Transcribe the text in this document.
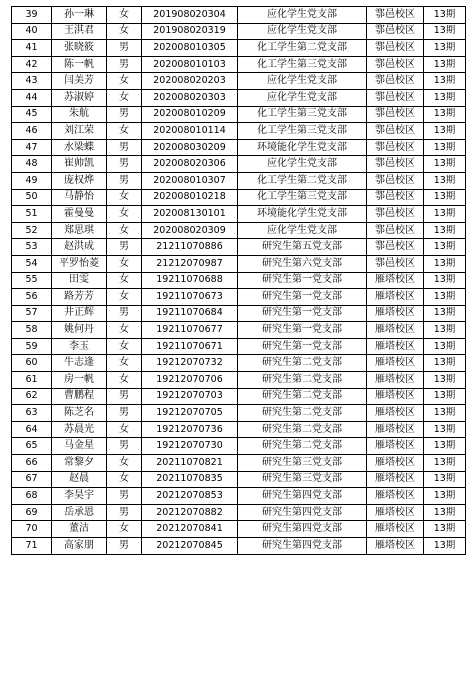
39	孙一琳	女	201908020304	应化学生党支部	鄠邑校区	13期
40	王淇君	女	201908020319	应化学生党支部	鄠邑校区	13期
41	张晓筱	男	202008010305	化工学生第二党支部	鄠邑校区	13期
42	陈一帆	男	202008010103	化工学生第三党支部	鄠邑校区	13期
43	闫美芳	女	202008020203	应化学生党支部	鄠邑校区	13期
44	苏淑婷	女	202008020303	应化学生党支部	鄠邑校区	13期
45	朱航	男	202008010209	化工学生第三党支部	鄠邑校区	13期
46	刘江荣	女	202008010114	化工学生第三党支部	鄠邑校区	13期
47	水梁蝶	男	202008030209	环境能化学生党支部	鄠邑校区	13期
48	崔帅凯	男	202008020306	应化学生党支部	鄠邑校区	13期
49	庞权烨	男	202008010307	化工学生第二党支部	鄠邑校区	13期
50	马静怡	女	202008010218	化工学生第三党支部	鄠邑校区	13期
51	霍曼曼	女	202008130101	环境能化学生党支部	鄠邑校区	13期
52	郑思琪	女	202008020309	应化学生党支部	鄠邑校区	13期
53	赵洪成	男	21211070886	研究生第五党支部	鄠邑校区	13期
54	平罗怡菱	女	21212070987	研究生第六党支部	鄠邑校区	13期
55	田雯	女	19211070688	研究生第一党支部	雁塔校区	13期
56	路芳芳	女	19211070673	研究生第一党支部	雁塔校区	13期
57	井正辉	男	19211070684	研究生第一党支部	雁塔校区	13期
58	姚何丹	女	19211070677	研究生第一党支部	雁塔校区	13期
59	李玉	女	19211070671	研究生第一党支部	雁塔校区	13期
60	牛志逢	女	19212070732	研究生第二党支部	雁塔校区	13期
61	房一帆	女	19212070706	研究生第二党支部	雁塔校区	13期
62	曹鹏程	男	19212070703	研究生第二党支部	雁塔校区	13期
63	陈芝名	男	19212070705	研究生第二党支部	雁塔校区	13期
64	苏晨光	女	19212070736	研究生第二党支部	雁塔校区	13期
65	马金星	男	19212070730	研究生第二党支部	雁塔校区	13期
66	常黎夕	女	20211070821	研究生第三党支部	雁塔校区	13期
67	赵晨	女	20211070835	研究生第三党支部	雁塔校区	13期
68	李昊宇	男	20212070853	研究生第四党支部	雁塔校区	13期
69	岳承恩	男	20212070882	研究生第四党支部	雁塔校区	13期
70	董洁	女	20212070841	研究生第四党支部	雁塔校区	13期
71	高家朋	男	20212070845	研究生第四党支部	雁塔校区	13期
